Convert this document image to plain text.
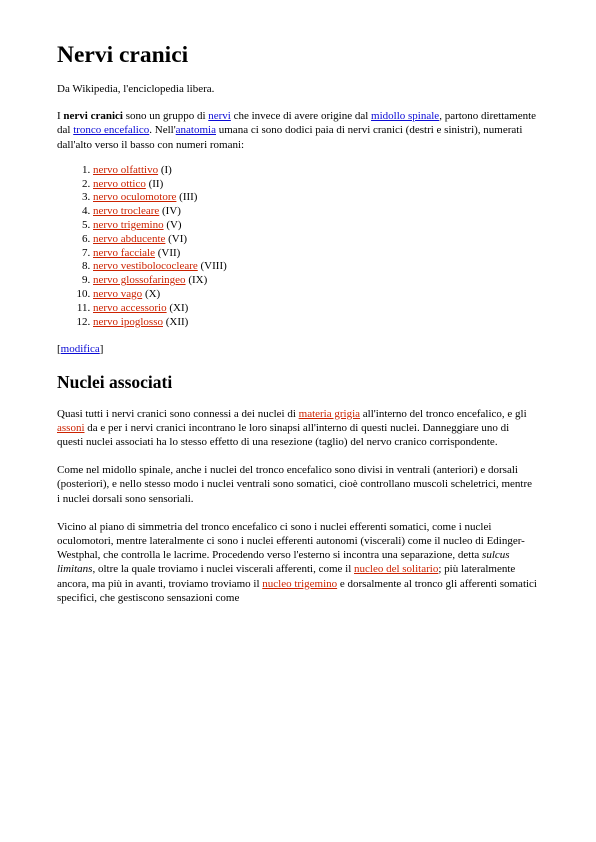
Nervi cranici

Da Wikipedia, l'enciclopedia libera.

I nervi cranici sono un gruppo di nervi che invece di avere origine dal midollo spinale, partono direttamente dal tronco encefalico. Nell'anatomia umana ci sono dodici paia di nervi cranici (destri e sinistri), numerati dall'alto verso il basso con numeri romani:

1. nervo olfattivo (I)
2. nervo ottico (II)
3. nervo oculomotore (III)
4. nervo trocleare (IV)
5. nervo trigemino (V)
6. nervo abducente (VI)
7. nervo facciale (VII)
8. nervo vestibolococleare (VIII)
9. nervo glossofaringeo (IX)
10. nervo vago (X)
11. nervo accessorio (XI)
12. nervo ipoglosso (XII)

[modifica]

Nuclei associati

Quasi tutti i nervi cranici sono connessi a dei nuclei di materia grigia all'interno del tronco encefalico, e gli assoni da e per i nervi cranici incontrano le loro sinapsi all'interno di questi nuclei. Danneggiare uno di questi nuclei associati ha lo stesso effetto di una resezione (taglio) del nervo cranico corrispondente.

Come nel midollo spinale, anche i nuclei del tronco encefalico sono divisi in ventrali (anteriori) e dorsali (posteriori), e nello stesso modo i nuclei ventrali sono somatici, cioè controllano muscoli scheletrici, mentre i nuclei dorsali sono sensoriali.

Vicino al piano di simmetria del tronco encefalico ci sono i nuclei efferenti somatici, come i nuclei oculomotori, mentre lateralmente ci sono i nuclei efferenti autonomi (viscerali) come il nucleo di Edinger-Westphal, che controlla le lacrime. Procedendo verso l'esterno si incontra una separazione, detta sulcus limitans, oltre la quale troviamo i nuclei viscerali afferenti, come il nucleo del solitario; più lateralmente ancora, ma più in avanti, troviamo troviamo il nucleo trigemino e dorsalmente al tronco gli afferenti somatici specifici, che gestiscono sensazioni come
